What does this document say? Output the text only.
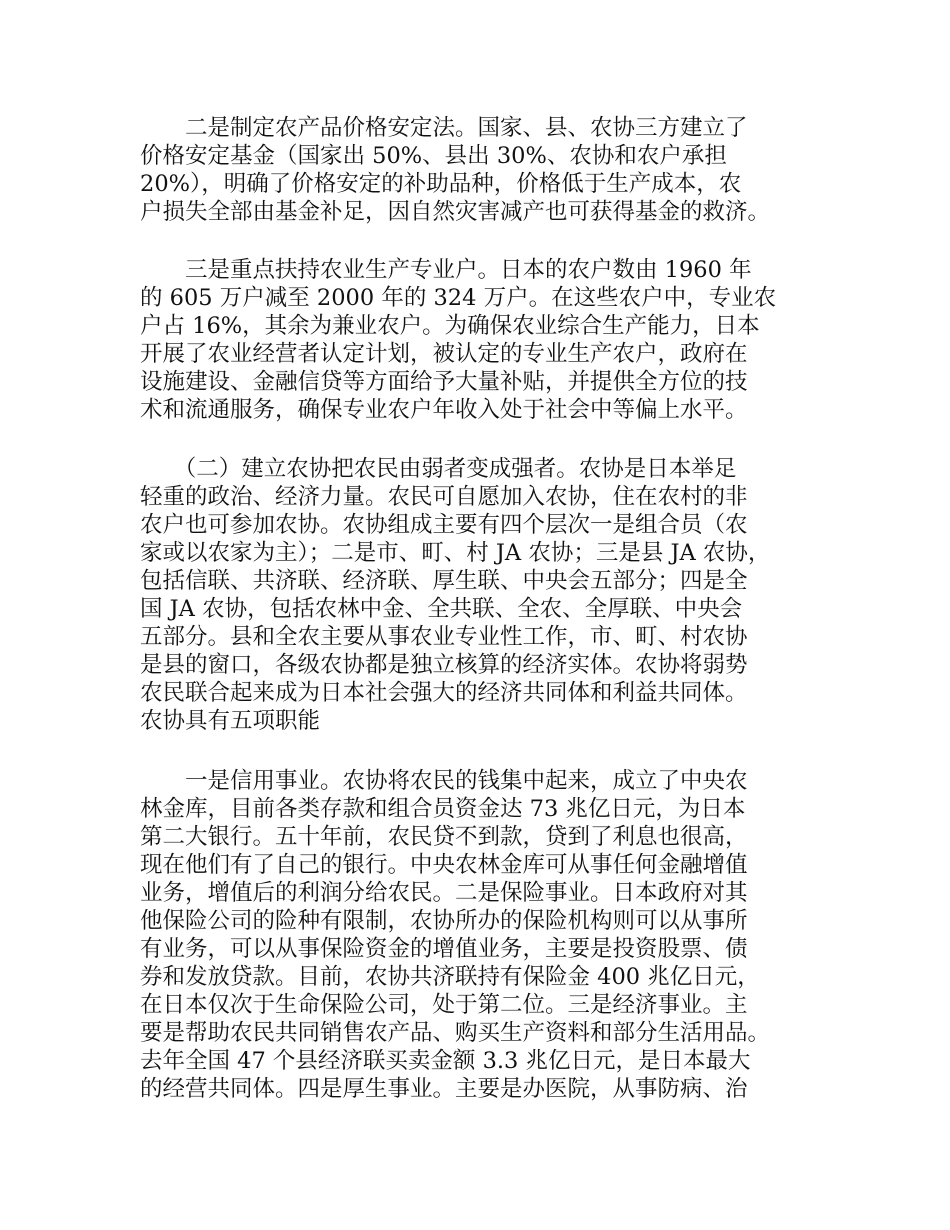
　　二是制定农产品价格安定法。国家、县、农协三方建立了
价格安定基金（国家出 50%、县出 30%、农协和农户承担
20%），明确了价格安定的补助品种，价格低于生产成本，农
户损失全部由基金补足，因自然灾害减产也可获得基金的救济。
　　三是重点扶持农业生产专业户。日本的农户数由 1960 年
的 605 万户减至 2000 年的 324 万户。在这些农户中，专业农
户占 16%，其余为兼业农户。为确保农业综合生产能力，日本
开展了农业经营者认定计划，被认定的专业生产农户，政府在
设施建设、金融信贷等方面给予大量补贴，并提供全方位的技
术和流通服务，确保专业农户年收入处于社会中等偏上水平。
　　（二）建立农协把农民由弱者变成强者。农协是日本举足
轻重的政治、经济力量。农民可自愿加入农协，住在农村的非
农户也可参加农协。农协组成主要有四个层次一是组合员（农
家或以农家为主）；二是市、町、村 JA 农协；三是县 JA 农协，
包括信联、共济联、经济联、厚生联、中央会五部分；四是全
国 JA 农协，包括农林中金、全共联、全农、全厚联、中央会
五部分。县和全农主要从事农业专业性工作，市、町、村农协
是县的窗口，各级农协都是独立核算的经济实体。农协将弱势
农民联合起来成为日本社会强大的经济共同体和利益共同体。
农协具有五项职能
　　一是信用事业。农协将农民的钱集中起来，成立了中央农
林金库，目前各类存款和组合员资金达 73 兆亿日元，为日本
第二大银行。五十年前，农民贷不到款，贷到了利息也很高，
现在他们有了自己的银行。中央农林金库可从事任何金融增值
业务，增值后的利润分给农民。二是保险事业。日本政府对其
他保险公司的险种有限制，农协所办的保险机构则可以从事所
有业务，可以从事保险资金的增值业务，主要是投资股票、债
券和发放贷款。目前，农协共济联持有保险金 400 兆亿日元，
在日本仅次于生命保险公司，处于第二位。三是经济事业。主
要是帮助农民共同销售农产品、购买生产资料和部分生活用品。
去年全国 47 个县经济联买卖金额 3.3 兆亿日元，是日本最大
的经营共同体。四是厚生事业。主要是办医院，从事防病、治
